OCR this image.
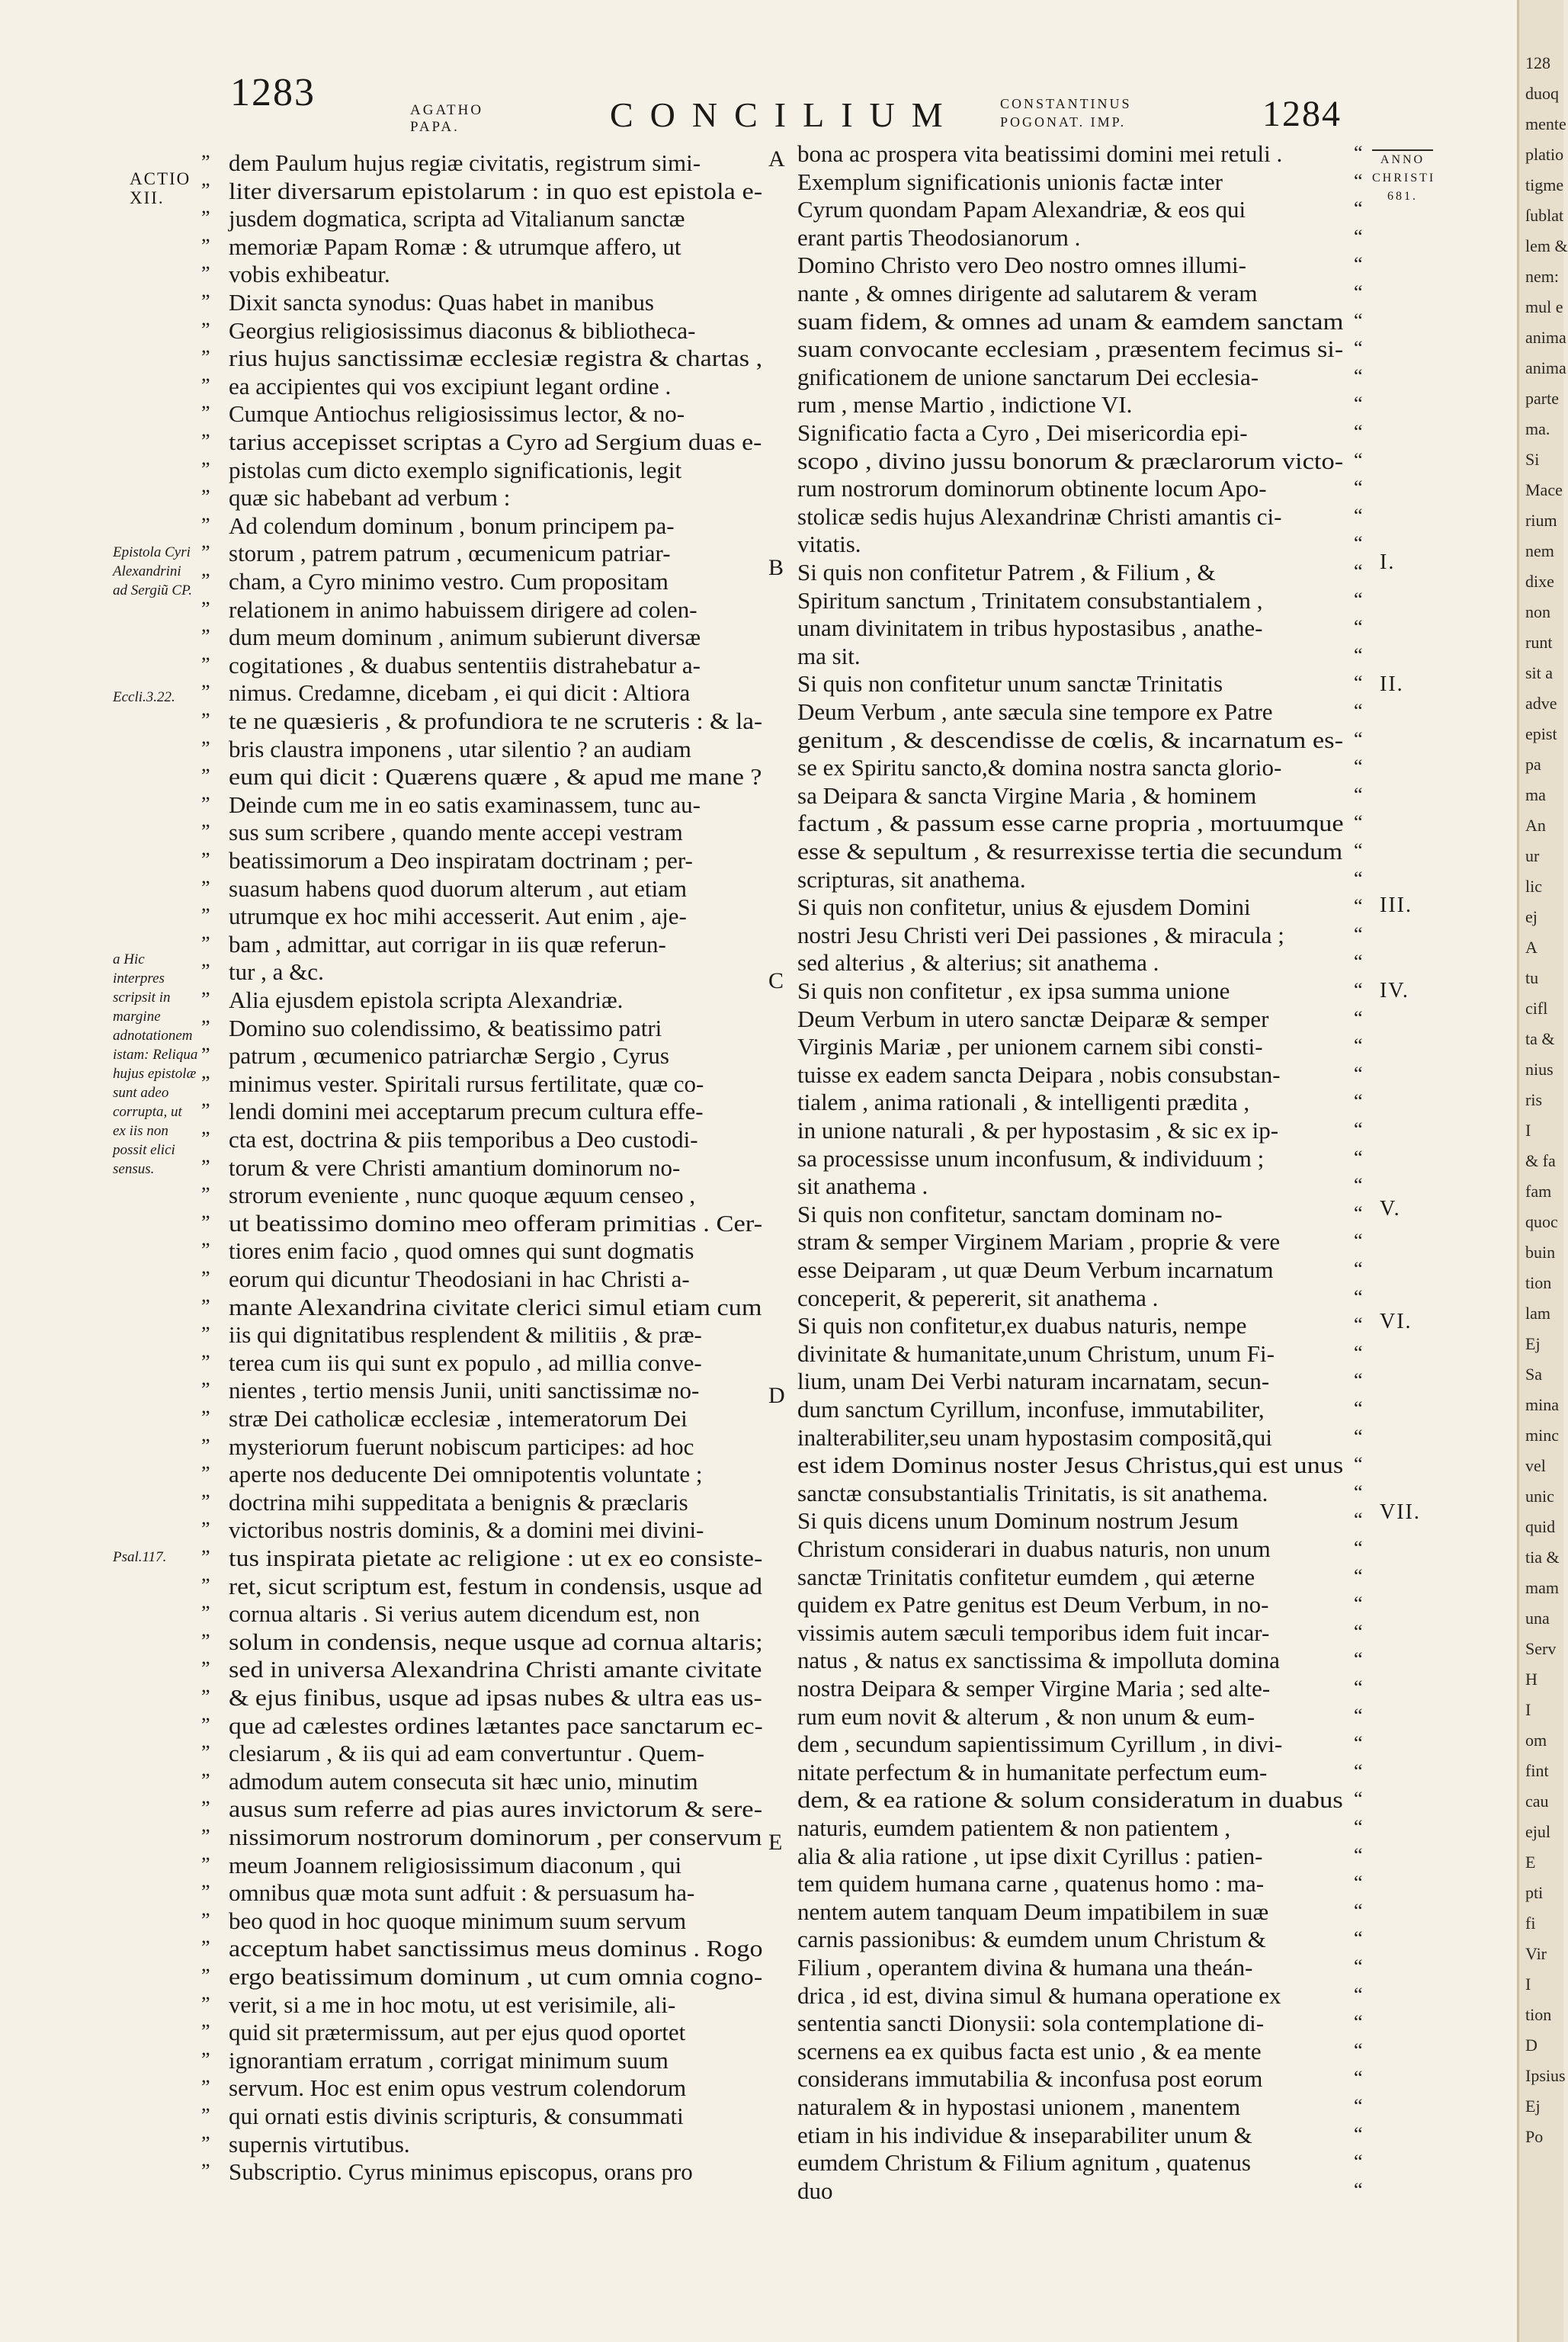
1283	AGATHO
PAPA.	CONCILIUM	CONSTANTINUS
POGONAT. IMP.	1284
ANNO
CHRISTI
681.
ACTIO XII.
Epistola Cyri Alexandrini ad Sergiũ CP.
Eccli.3.22.
a Hic interpres scripsit in margine adnotationem istam: Reliqua hujus epistolæ sunt adeo corrupta, ut ex iis non possit elici sensus.
Psal.117.
A
B
C
D
E
I.
II.
III.
IV.
V.
VI.
VII.
”
”
”
”
”
”
”
”
”
”
”
”
”
”
”
”
”
”
”
”
”
”
”
”
”
”
”
”
”
”
”
”
”
”
”
”
”
”
”
”
”
”
”
”
”
”
”
”
”
”
”
”
”
”
”
”
”
”
”
”
”
”
”
”
”
”
”
”
”
”
”
”
”
“
“
“
“
“
“
“
“
“
“
“
“
“
“
“
“
“
“
“
“
“
“
“
“
“
“
“
“
“
“
“
“
“
“
“
“
“
“
“
“
“
“
“
“
“
“
“
“
“
“
“
“
“
“
“
“
“
“
“
“
“
“
“
“
“
“
“
“
“
“
“
“
“
“
dem Paulum hujus regiæ civitatis, registrum simi-
liter diversarum epistolarum : in quo est epistola e-
jusdem dogmatica, scripta ad Vitalianum sanctæ
memoriæ Papam Romæ : & utrumque affero, ut
vobis exhibeatur.
Dixit sancta synodus: Quas habet in manibus
Georgius religiosissimus diaconus & bibliotheca-
rius hujus sanctissimæ ecclesiæ registra & chartas ,
ea accipientes qui vos excipiunt legant ordine .
Cumque Antiochus religiosissimus lector, & no-
tarius accepisset scriptas a Cyro ad Sergium duas e-
pistolas cum dicto exemplo significationis, legit
quæ sic habebant ad verbum :
Ad colendum dominum , bonum principem pa-
storum , patrem patrum , œcumenicum patriar-
cham, a Cyro minimo vestro. Cum propositam
relationem in animo habuissem dirigere ad colen-
dum meum dominum , animum subierunt diversæ
cogitationes , & duabus sententiis distrahebatur a-
nimus. Credamne, dicebam , ei qui dicit : Altiora
te ne quæsieris , & profundiora te ne scruteris : & la-
bris claustra imponens , utar silentio ? an audiam
eum qui dicit : Quærens quære , & apud me mane ?
Deinde cum me in eo satis examinassem, tunc au-
sus sum scribere , quando mente accepi vestram
beatissimorum a Deo inspiratam doctrinam ; per-
suasum habens quod duorum alterum , aut etiam
utrumque ex hoc mihi accesserit. Aut enim , aje-
bam , admittar, aut corrigar in iis quæ referun-
tur , a &c.
Alia ejusdem epistola scripta Alexandriæ.
Domino suo colendissimo, & beatissimo patri
patrum , œcumenico patriarchæ Sergio , Cyrus
minimus vester. Spiritali rursus fertilitate, quæ co-
lendi domini mei acceptarum precum cultura effe-
cta est, doctrina & piis temporibus a Deo custodi-
torum & vere Christi amantium dominorum no-
strorum eveniente , nunc quoque æquum censeo ,
ut beatissimo domino meo offeram primitias . Cer-
tiores enim facio , quod omnes qui sunt dogmatis
eorum qui dicuntur Theodosiani in hac Christi a-
mante Alexandrina civitate clerici simul etiam cum
iis qui dignitatibus resplendent & militiis , & præ-
terea cum iis qui sunt ex populo , ad millia conve-
nientes , tertio mensis Junii, uniti sanctissimæ no-
stræ Dei catholicæ ecclesiæ , intemeratorum Dei
mysteriorum fuerunt nobiscum participes: ad hoc
aperte nos deducente Dei omnipotentis voluntate ;
doctrina mihi suppeditata a benignis & præclaris
victoribus nostris dominis, & a domini mei divini-
tus inspirata pietate ac religione : ut ex eo consiste-
ret, sicut scriptum est, festum in condensis, usque ad
cornua altaris . Si verius autem dicendum est, non
solum in condensis, neque usque ad cornua altaris;
sed in universa Alexandrina Christi amante civitate
& ejus finibus, usque ad ipsas nubes & ultra eas us-
que ad cælestes ordines lætantes pace sanctarum ec-
clesiarum , & iis qui ad eam convertuntur . Quem-
admodum autem consecuta sit hæc unio, minutim
ausus sum referre ad pias aures invictorum & sere-
nissimorum nostrorum dominorum , per conservum
meum Joannem religiosissimum diaconum , qui
omnibus quæ mota sunt adfuit : & persuasum ha-
beo quod in hoc quoque minimum suum servum
acceptum habet sanctissimus meus dominus . Rogo
ergo beatissimum dominum , ut cum omnia cogno-
verit, si a me in hoc motu, ut est verisimile, ali-
quid sit prætermissum, aut per ejus quod oportet
ignorantiam erratum , corrigat minimum suum
servum. Hoc est enim opus vestrum colendorum
qui ornati estis divinis scripturis, & consummati
supernis virtutibus.
Subscriptio. Cyrus minimus episcopus, orans pro
bona ac prospera vita beatissimi domini mei retuli .
Exemplum significationis unionis factæ inter
Cyrum quondam Papam Alexandriæ, & eos qui
erant partis Theodosianorum .
Domino Christo vero Deo nostro omnes illumi-
nante , & omnes dirigente ad salutarem & veram
suam fidem, & omnes ad unam & eamdem sanctam
suam convocante ecclesiam , præsentem fecimus si-
gnificationem de unione sanctarum Dei ecclesia-
rum , mense Martio , indictione VI.
Significatio facta a Cyro , Dei misericordia epi-
scopo , divino jussu bonorum & præclarorum victo-
rum nostrorum dominorum obtinente locum Apo-
stolicæ sedis hujus Alexandrinæ Christi amantis ci-
vitatis.
Si quis non confitetur Patrem , & Filium , &
Spiritum sanctum , Trinitatem consubstantialem ,
unam divinitatem in tribus hypostasibus , anathe-
ma sit.
Si quis non confitetur unum sanctæ Trinitatis
Deum Verbum , ante sæcula sine tempore ex Patre
genitum , & descendisse de cœlis, & incarnatum es-
se ex Spiritu sancto,& domina nostra sancta glorio-
sa Deipara & sancta Virgine Maria , & hominem
factum , & passum esse carne propria , mortuumque
esse & sepultum , & resurrexisse tertia die secundum
scripturas, sit anathema.
Si quis non confitetur, unius & ejusdem Domini
nostri Jesu Christi veri Dei passiones , & miracula ;
sed alterius , & alterius; sit anathema .
Si quis non confitetur , ex ipsa summa unione
Deum Verbum in utero sanctæ Deiparæ & semper
Virginis Mariæ , per unionem carnem sibi consti-
tuisse ex eadem sancta Deipara , nobis consubstan-
tialem , anima rationali , & intelligenti prædita ,
in unione naturali , & per hypostasim , & sic ex ip-
sa processisse unum inconfusum, & individuum ;
sit anathema .
Si quis non confitetur, sanctam dominam no-
stram & semper Virginem Mariam , proprie & vere
esse Deiparam , ut quæ Deum Verbum incarnatum
conceperit, & pepererit, sit anathema .
Si quis non confitetur,ex duabus naturis, nempe
divinitate & humanitate,unum Christum, unum Fi-
lium, unam Dei Verbi naturam incarnatam, secun-
dum sanctum Cyrillum, inconfuse, immutabiliter,
inalterabiliter,seu unam hypostasim compositã,qui
est idem Dominus noster Jesus Christus,qui est unus
sanctæ consubstantialis Trinitatis, is sit anathema.
Si quis dicens unum Dominum nostrum Jesum
Christum considerari in duabus naturis, non unum
sanctæ Trinitatis confitetur eumdem , qui æterne
quidem ex Patre genitus est Deum Verbum, in no-
vissimis autem sæculi temporibus idem fuit incar-
natus , & natus ex sanctissima & impolluta domina
nostra Deipara & semper Virgine Maria ; sed alte-
rum eum novit & alterum , & non unum & eum-
dem , secundum sapientissimum Cyrillum , in divi-
nitate perfectum & in humanitate perfectum eum-
dem, & ea ratione & solum consideratum in duabus
naturis, eumdem patientem & non patientem ,
alia & alia ratione , ut ipse dixit Cyrillus : patien-
tem quidem humana carne , quatenus homo : ma-
nentem autem tanquam Deum impatibilem in suæ
carnis passionibus: & eumdem unum Christum &
Filium , operantem divina & humana una theán-
drica , id est, divina simul & humana operatione ex
sententia sancti Dionysii: sola contemplatione di-
scernens ea ex quibus facta est unio , & ea mente
considerans immutabilia & inconfusa post eorum
naturalem & in hypostasi unionem , manentem
etiam in his individue & inseparabiliter unum &
eumdem Christum & Filium agnitum , quatenus
duo
128
duoq
mente
platio
tigme
ſublat
lem &
nem:
mul e
anima
anima
parte
ma.
Si
Mace
rium
nem
dixe
non
runt
sit a
adve
epist
pa
ma
An
ur
lic
ej
A
tu
cifl
ta &
nius
ris
I
& fa
fam
quoc
buin
tion
lam
Ej
Sa
mina
minc
vel
unic
quid
tia &
mam
una
Serv
H
I
om
fint
cau
ejul
E
pti
fi
Vir
I
tion
D
Ipsius
Ej
Po
